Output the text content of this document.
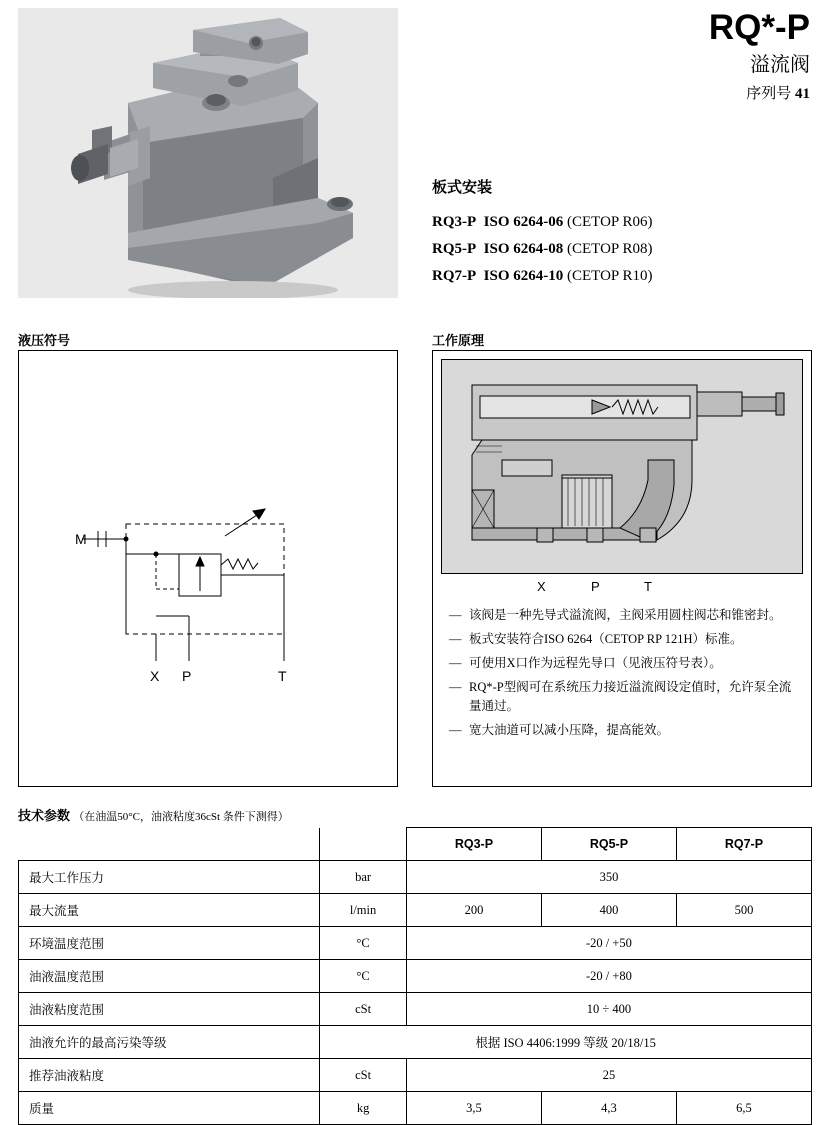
RQ*-P
溢流阀
序列号 41
板式安装
RQ3-P ISO 6264-06 (CETOP R06)
RQ5-P ISO 6264-08 (CETOP R08)
RQ7-P ISO 6264-10 (CETOP R10)
液压符号	工作原理
M
X P	T
X	P	T
— 该阀是一种先导式溢流阀，主阀采用圆柱阀芯和锥密封。
— 板式安装符合ISO 6264（CETOP RP 121H）标准。
— 可使用X口作为远程先导口（见液压符号表）。
— RQ*-P型阀可在系统压力接近溢流阀设定值时，允许泵全流量通过。
— 宽大油道可以减小压降，提高能效。
技术参数 （在油温50°C，油液粘度36cSt 条件下测得）
		RQ3-P	RQ5-P	RQ7-P
最大工作压力	bar	350		
最大流量	l/min	200	400	500
环境温度范围	°C	-20 / +50		
油液温度范围	°C	-20 / +80		
油液粘度范围	cSt	10 ÷ 400		
油液允许的最高污染等级	根据 ISO 4406:1999 等级 20/18/15			
推荐油液粘度	cSt	25		
质量	kg	3,5	4,3	6,5
